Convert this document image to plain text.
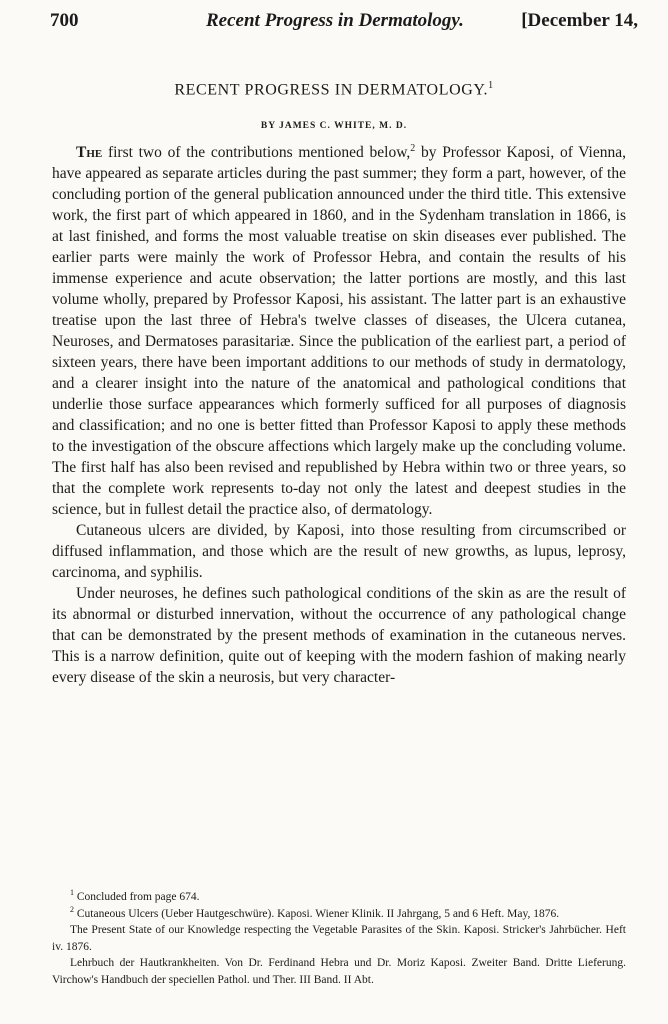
700	Recent Progress in Dermatology.	[December 14,
RECENT PROGRESS IN DERMATOLOGY.$^1$
BY JAMES C. WHITE, M. D.

The first two of the contributions mentioned below,$^2$ by Professor Kaposi, of Vienna, have appeared as separate articles during the past summer; they form a part, however, of the concluding portion of the general publication announced under the third title. This extensive work, the first part of which appeared in 1860, and in the Sydenham translation in 1866, is at last finished, and forms the most valuable treatise on skin diseases ever published. The earlier parts were mainly the work of Professor Hebra, and contain the results of his immense experience and acute observation; the latter portions are mostly, and this last volume wholly, prepared by Professor Kaposi, his assistant. The latter part is an exhaustive treatise upon the last three of Hebra's twelve classes of diseases, the Ulcera cutanea, Neuroses, and Dermatoses parasitariæ. Since the publication of the earliest part, a period of sixteen years, there have been important additions to our methods of study in dermatology, and a clearer insight into the nature of the anatomical and pathological conditions that underlie those surface appearances which formerly sufficed for all purposes of diagnosis and classification; and no one is better fitted than Professor Kaposi to apply these methods to the investigation of the obscure affections which largely make up the concluding volume. The first half has also been revised and republished by Hebra within two or three years, so that the complete work represents to-day not only the latest and deepest studies in the science, but in fullest detail the practice also, of dermatology.

Cutaneous ulcers are divided, by Kaposi, into those resulting from circumscribed or diffused inflammation, and those which are the result of new growths, as lupus, leprosy, carcinoma, and syphilis.

Under neuroses, he defines such pathological conditions of the skin as are the result of its abnormal or disturbed innervation, without the occurrence of any pathological change that can be demonstrated by the present methods of examination in the cutaneous nerves. This is a narrow definition, quite out of keeping with the modern fashion of making nearly every disease of the skin a neurosis, but very character-

$^1$ Concluded from page 674.

$^2$ Cutaneous Ulcers (Ueber Hautgeschwüre). Kaposi. Wiener Klinik. II Jahrgang, 5 and 6 Heft. May, 1876.

The Present State of our Knowledge respecting the Vegetable Parasites of the Skin. Kaposi. Stricker's Jahrbücher. Heft iv. 1876.

Lehrbuch der Hautkrankheiten. Von Dr. Ferdinand Hebra und Dr. Moriz Kaposi. Zweiter Band. Dritte Lieferung. Virchow's Handbuch der speciellen Pathol. und Ther. III Band. II Abt.
